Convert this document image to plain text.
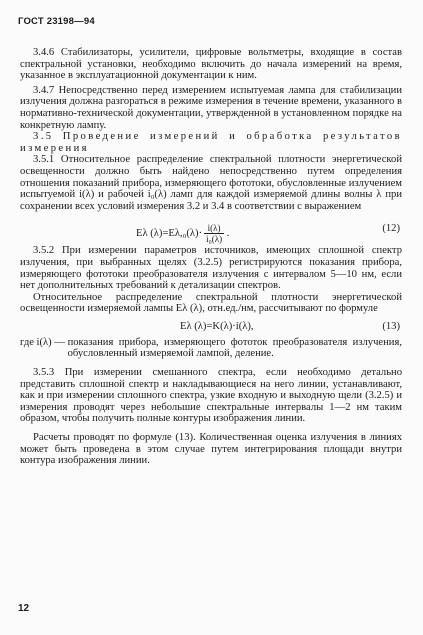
ГОСТ 23198—94

3.4.6 Стабилизаторы, усилители, цифровые вольтметры, входящие в состав спектральной установки, необходимо включить до начала измерений на время, указанное в эксплуатационной документации к ним.

3.4.7 Непосредственно перед измерением испытуемая лампа для стабилизации излучения должна разгораться в режиме измерения в течение времени, указанного в нормативно-технической документации, утвержденной в установленном порядке на конкретную лампу.

3.5 Проведение измерений и обработка результатов измерения

3.5.1 Относительное распределение спектральной плотности энергетической освещенности должно быть найдено непосредственно путем определения отношения показаний прибора, измеряющего фототоки, обусловленные излучением испытуемой i(λ) и рабочей i₀(λ) ламп для каждой измеряемой длины волны λ при сохранении всех условий измерения 3.2 и 3.4 в соответствии с выражением

Eλ $(\lambda)=E\lambda,_0(\lambda)\cdot \frac{i(\lambda)}{\text{i₀(λ)}}$ .	(12)

3.5.2 При измерении параметров источников, имеющих сплошной спектр излучения, при выбранных щелях (3.2.5) регистрируются показания прибора, измеряющего фототоки преобразователя излучения с интервалом 5—10 нм, если нет дополнительных требований к детализации спектров.

Относительное распределение спектральной плотности энергетической освещенности измеряемой лампы Eλ (λ), отн.ед./нм, рассчитывают по формуле

Eλ (λ)=K(λ)·i(λ),	(13)
где i(λ) — показания прибора, измеряющего фототок преобразователя излучения, обусловленный измеряемой лампой, деление.

3.5.3 При измерении смешанного спектра, если необходимо детально представить сплошной спектр и накладывающиеся на него линии, устанавливают, как и при измерении сплошного спектра, узкие входную и выходную щели (3.2.5) и измерения проводят через небольшие спектральные интервалы 1—2 нм таким образом, чтобы получить полные контуры изображения линии.

Расчеты проводят по формуле (13). Количественная оценка излучения в линиях может быть проведена в этом случае путем интегрирования площади внутри контура изображения линии.

12
